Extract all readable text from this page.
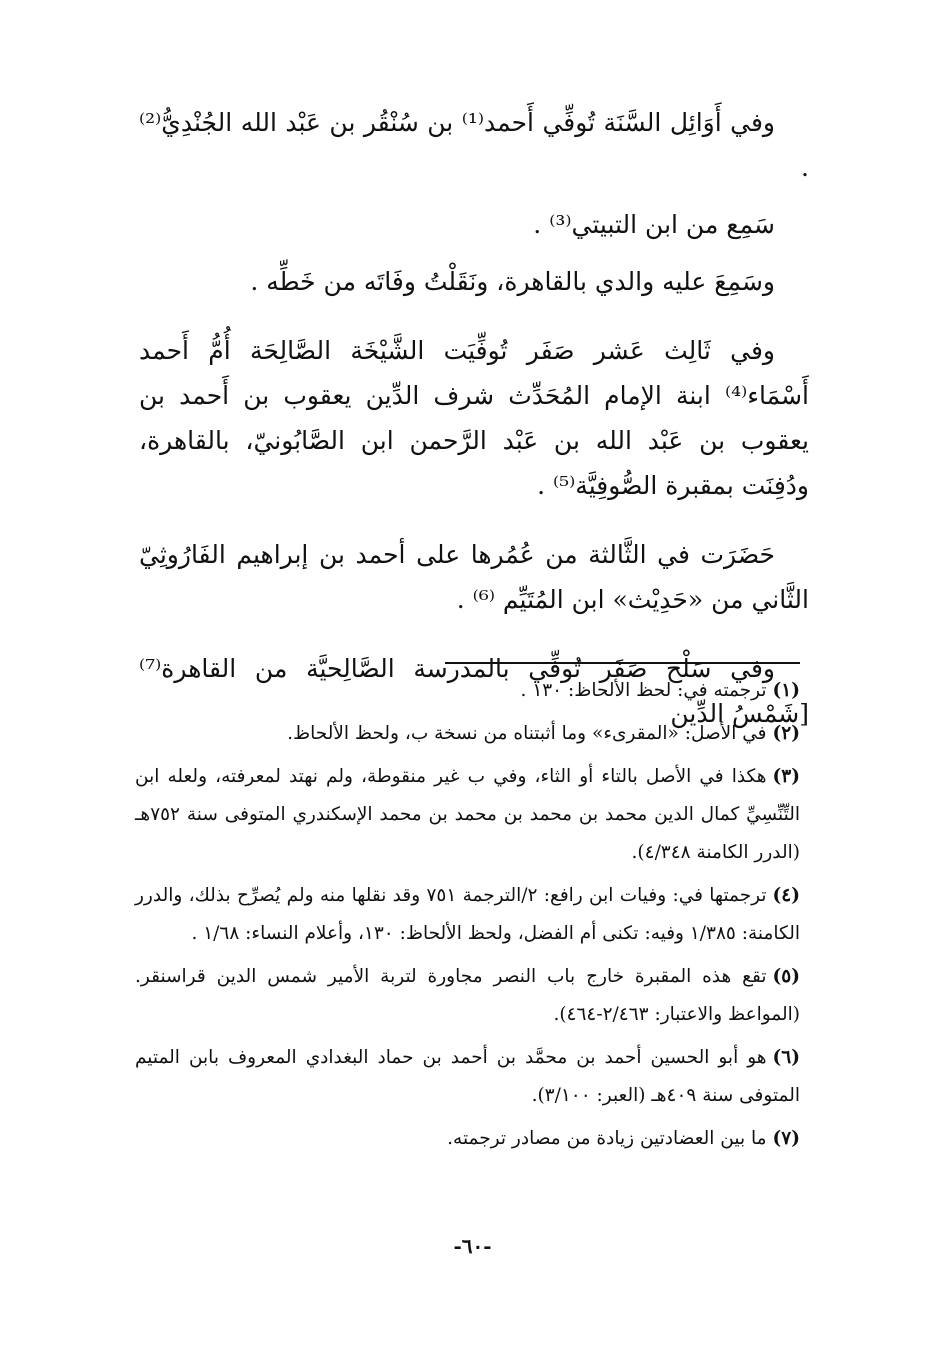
وفي أَوَائِل السَّنَة تُوفِّي أَحمد⁽¹⁾ بن سُنْقُر بن عَبْد الله الجُنْدِيُّ⁽²⁾ .

سَمِع من ابن التبيتي⁽³⁾ .

وسَمِعَ عليه والدي بالقاهرة، ونَقَلْتُ وفَاتَه من خَطِّه .

وفي ثَالِث عَشر صَفَر تُوفِّيَت الشَّيْخَة الصَّالِحَة أُمُّ أَحمد أَسْمَاء⁽⁴⁾ ابنة الإمام المُحَدِّث شرف الدِّين يعقوب بن أَحمد بن يعقوب بن عَبْد الله بن عَبْد الرَّحمن ابن الصَّابُونيّ، بالقاهرة، ودُفِنَت بمقبرة الصُّوفِيَّة⁽⁵⁾ .

حَضَرَت في الثَّالثة من عُمُرها على أحمد بن إبراهيم الفَارُوثِيّ الثَّاني من «حَدِيْث» ابن المُتَيِّم ⁽⁶⁾ .

وفي سَلْخ صَفَر تُوفِّي بالمدرسة الصَّالِحيَّة من القاهرة⁽⁷⁾ [شَمْسُ الدِّين

(١)ترجمته في: لحظ الألحاظ: ١٣٠ .
(٢)في الأصل: «المقرىء» وما أثبتناه من نسخة ب، ولحظ الألحاظ.
(٣)هكذا في الأصل بالتاء أو الثاء، وفي ب غير منقوطة، ولم نهتد لمعرفته، ولعله ابن التِّنِّسِيِّ كمال الدين محمد بن محمد بن محمد بن محمد الإسكندري المتوفى سنة ٧٥٢هـ (الدرر الكامنة ٤/٣٤٨).
(٤)ترجمتها في: وفيات ابن رافع: ٢/الترجمة ٧٥١ وقد نقلها منه ولم يُصرِّح بذلك، والدرر الكامنة: ١/٣٨٥ وفيه: تكنى أم الفضل، ولحظ الألحاظ: ١٣٠، وأعلام النساء: ١/٦٨ .
(٥)تقع هذه المقبرة خارج باب النصر مجاورة لتربة الأمير شمس الدين قراسنقر. (المواعظ والاعتبار: ٢/٤٦٣-٤٦٤).
(٦)هو أبو الحسين أحمد بن محمَّد بن أحمد بن حماد البغدادي المعروف بابن المتيم المتوفى سنة ٤٠٩هـ (العبر: ٣/١٠٠).
(٧)ما بين العضادتين زيادة من مصادر ترجمته.
-٦٠-
